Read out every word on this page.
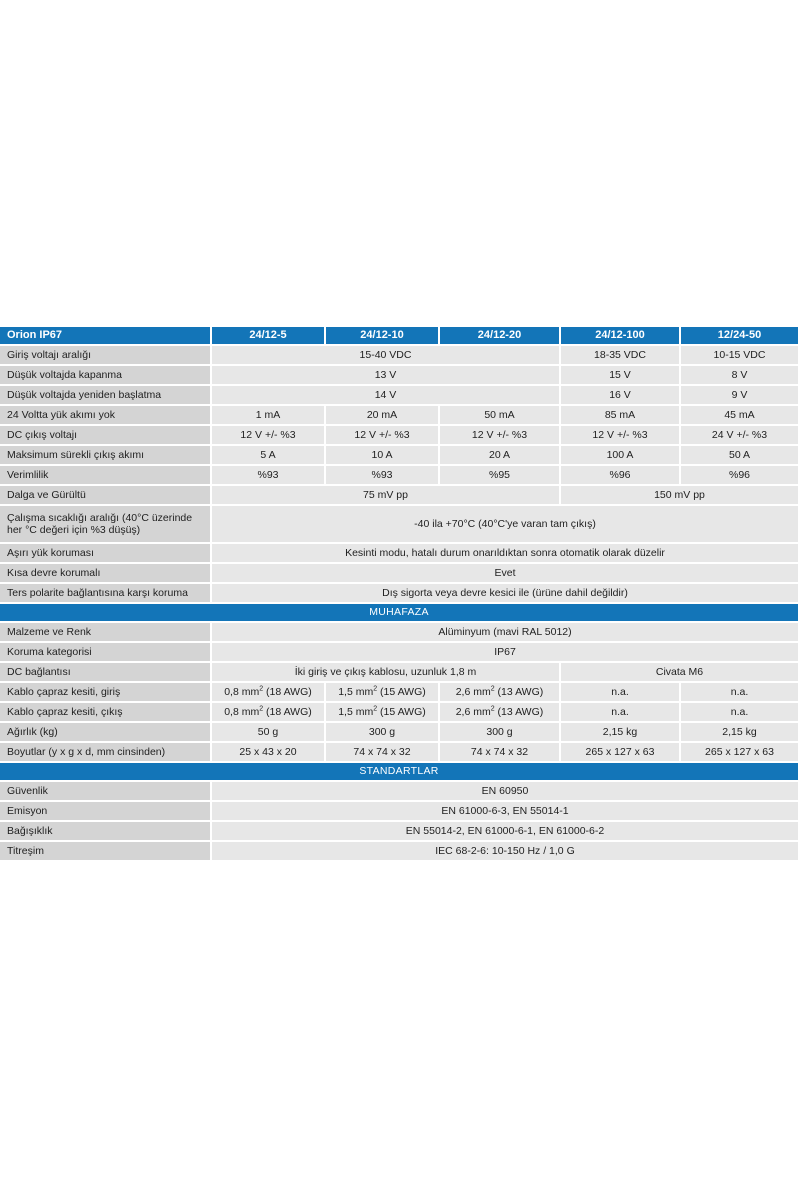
Orion IP67	24/12-5	24/12-10	24/12-20	24/12-100	12/24-50
Giriş voltajı aralığı	15-40 VDC			18-35 VDC	10-15 VDC
Düşük voltajda kapanma	13 V			15 V	8 V
Düşük voltajda yeniden başlatma	14 V			16 V	9 V
24 Voltta yük akımı yok	1 mA	20 mA	50 mA	85 mA	45 mA
DC çıkış voltajı	12 V +/- %3	12 V +/- %3	12 V +/- %3	12 V +/- %3	24 V +/- %3
Maksimum sürekli çıkış akımı	5 A	10 A	20 A	100 A	50 A
Verimlilik	%93	%93	%95	%96	%96
Dalga ve Gürültü	75 mV pp			150 mV pp	
Çalışma sıcaklığı aralığı (40°C üzerinde her °C değeri için %3 düşüş)	-40 ila +70°C (40°C'ye varan tam çıkış)				
Aşırı yük koruması	Kesinti modu, hatalı durum onarıldıktan sonra otomatik olarak düzelir				
Kısa devre korumalı	Evet				
Ters polarite bağlantısına karşı koruma	Dış sigorta veya devre kesici ile (ürüne dahil değildir)				
MUHAFAZA					
Malzeme ve Renk	Alüminyum (mavi RAL 5012)				
Koruma kategorisi	IP67				
DC bağlantısı	İki giriş ve çıkış kablosu, uzunluk 1,8 m			Civata M6	
Kablo çapraz kesiti, giriş	0,8 $mm^2$ (18 AWG)	1,5 $mm^2$ (15 AWG)	2,6 $mm^2$ (13 AWG)	n.a.	n.a.
Kablo çapraz kesiti, çıkış	0,8 $mm^2$ (18 AWG)	1,5 $mm^2$ (15 AWG)	2,6 $mm^2$ (13 AWG)	n.a.	n.a.
Ağırlık (kg)	50 g	300 g	300 g	2,15 kg	2,15 kg
Boyutlar (y x g x d, mm cinsinden)	25 x 43 x 20	74 x 74 x 32	74 x 74 x 32	265 x 127 x 63	265 x 127 x 63
STANDARTLAR					
Güvenlik	EN 60950				
Emisyon	EN 61000-6-3, EN 55014-1				
Bağışıklık	EN 55014-2, EN 61000-6-1, EN 61000-6-2				
Titreşim	IEC 68-2-6: 10-150 Hz / 1,0 G				
